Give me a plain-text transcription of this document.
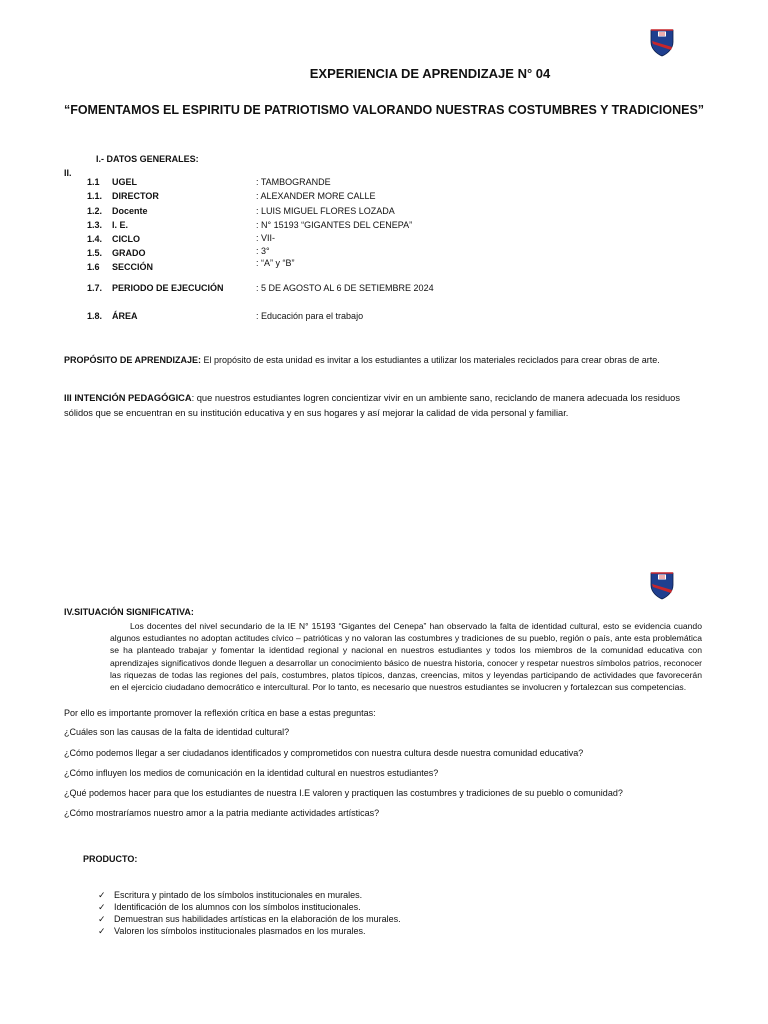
EXPERIENCIA DE APRENDIZAJE N° 04
“FOMENTAMOS EL ESPIRITU DE PATRIOTISMO VALORANDO NUESTRAS COSTUMBRES Y TRADICIONES”
I.- DATOS GENERALES:
II.
1.1 UGEL	: TAMBOGRANDE
1.1. DIRECTOR	: ALEXANDER MORE CALLE
1.2. Docente	: LUIS MIGUEL FLORES LOZADA
1.3. I. E.	: N° 15193 “GIGANTES DEL CENEPA”
1.4. CICLO	: VII-
1.5. GRADO	: 3°
1.6 SECCIÓN	: “A” y “B”
1.7. PERIODO DE EJECUCIÓN	: 5 DE AGOSTO AL 6 DE SETIEMBRE 2024
1.8. ÁREA	: Educación para el trabajo
PROPÓSITO DE APRENDIZAJE: El propósito de esta unidad es invitar a los estudiantes a utilizar los materiales reciclados para crear obras de arte.
III INTENCIÓN PEDAGÓGICA: que nuestros estudiantes logren concientizar vivir en un ambiente sano, reciclando de manera adecuada los residuos sólidos que se encuentran en su institución educativa y en sus hogares y así mejorar la calidad de vida personal y familiar.
IV.SITUACIÓN SIGNIFICATIVA:
Los docentes del nivel secundario de la IE N° 15193 “Gigantes del Cenepa” han observado la falta de identidad cultural, esto se evidencia cuando algunos estudiantes no adoptan actitudes cívico – patrióticas y no valoran las costumbres y tradiciones de su pueblo, región o país, ante esta problemática se ha planteado trabajar y fomentar la identidad regional y nacional en nuestros estudiantes y todos los miembros de la comunidad educativa con aprendizajes significativos donde lleguen a desarrollar un conocimiento básico de nuestra historia, conocer y respetar nuestros símbolos patrios, reconocer las riquezas de todas las regiones del país, costumbres, platos típicos, danzas, creencias, mitos y leyendas participando de actividades que favorecerán en el ejercicio ciudadano democrático e intercultural. Por lo tanto, es necesario que nuestros estudiantes se involucren y fortalezcan sus competencias.
Por ello es importante promover la reflexión crítica en base a estas preguntas:
¿Cuáles son las causas de la falta de identidad cultural?
¿Cómo podemos llegar a ser ciudadanos identificados y comprometidos con nuestra cultura desde nuestra comunidad educativa?
¿Cómo influyen los medios de comunicación en la identidad cultural en nuestros estudiantes?
¿Qué podemos hacer para que los estudiantes de nuestra I.E valoren y practiquen las costumbres y tradiciones de su pueblo o comunidad?
¿Cómo mostraríamos nuestro amor a la patria mediante actividades artísticas?
PRODUCTO:
✓ Escritura y pintado de los símbolos institucionales en murales.
✓ Identificación de los alumnos con los símbolos institucionales.
✓ Demuestran sus habilidades artísticas en la elaboración de los murales.
✓ Valoren los símbolos institucionales plasmados en los murales.
